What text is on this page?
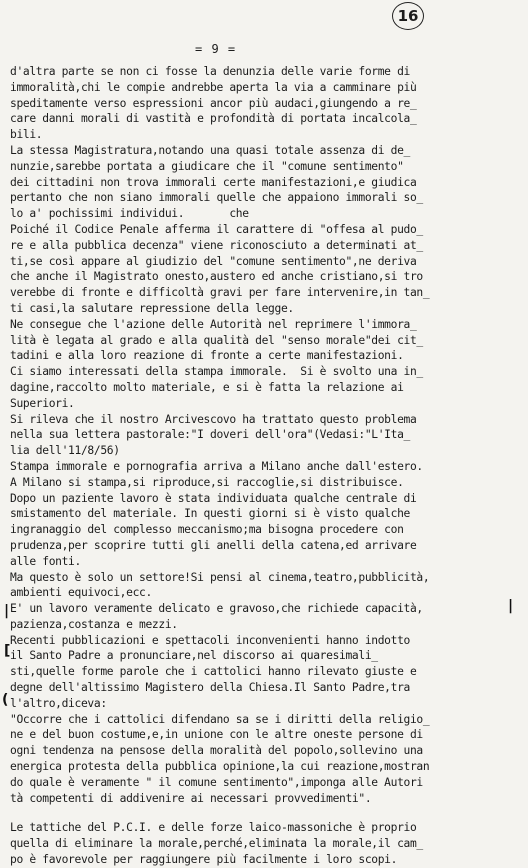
16
= 9 =
d'altra parte se non ci fosse la denunzia delle varie forme di
immoralità,chi le compie andrebbe aperta la via a camminare più
speditamente verso espressioni ancor più audaci,giungendo a re_
care danni morali di vastità e profondità di portata incalcola_
bili.
La stessa Magistratura,notando una quasi totale assenza di de_
nunzie,sarebbe portata a giudicare che il "comune sentimento"
dei cittadini non trova immorali certe manifestazioni,e giudica
pertanto che non siano immorali quelle che appaiono immorali so_
lo a' pochissimi individui.       che
Poiché il Codice Penale afferma il carattere di "offesa al pudo_
re e alla pubblica decenza" viene riconosciuto a determinati at_
ti,se così appare al giudizio del "comune sentimento",ne deriva
che anche il Magistrato onesto,austero ed anche cristiano,si tro
verebbe di fronte e difficoltà gravi per fare intervenire,in tan_
ti casi,la salutare repressione della legge.
Ne consegue che l'azione delle Autorità nel reprimere l'immora_
lità è legata al grado e alla qualità del "senso morale"dei cit_
tadini e alla loro reazione di fronte a certe manifestazioni.
Ci siamo interessati della stampa immorale.  Si è svolto una in_
dagine,raccolto molto materiale, e si è fatta la relazione ai
Superiori.
Si rileva che il nostro Arcivescovo ha trattato questo problema
nella sua lettera pastorale:"I doveri dell'ora"(Vedasi:"L'Ita_
lia dell'11/8/56)
Stampa immorale e pornografia arriva a Milano anche dall'estero.
A Milano si stampa,si riproduce,si raccoglie,si distribuisce.
Dopo un paziente lavoro è stata individuata qualche centrale di
smistamento del materiale. In questi giorni si è visto qualche
ingranaggio del complesso meccanismo;ma bisogna procedere con
prudenza,per scoprire tutti gli anelli della catena,ed arrivare
alle fonti.
Ma questo è solo un settore!Si pensi al cinema,teatro,pubblicità,
ambienti equivoci,ecc.
E' un lavoro veramente delicato e gravoso,che richiede capacità,
pazienza,costanza e mezzi.
Recenti pubblicazioni e spettacoli inconvenienti hanno indotto
il Santo Padre a pronunciare,nel discorso ai quaresimali_
sti,quelle forme parole che i cattolici hanno rilevato giuste e
degne dell'altissimo Magistero della Chiesa.Il Santo Padre,tra
l'altro,diceva:
"Occorre che i cattolici difendano sa se i diritti della religio_
ne e del buon costume,e,in unione con le altre oneste persone di
ogni tendenza na pensose della moralità del popolo,sollevino una
energica protesta della pubblica opinione,la cui reazione,mostran
do quale è veramente " il comune sentimento",imponga alle Autori
tà competenti di addivenire ai necessari provvedimenti".
Le tattiche del P.C.I. e delle forze laico-massoniche è proprio
quella di eliminare la morale,perché,eliminata la morale,il cam_
po è favorevole per raggiungere più facilmente i loro scopi.
|	|
[
(
